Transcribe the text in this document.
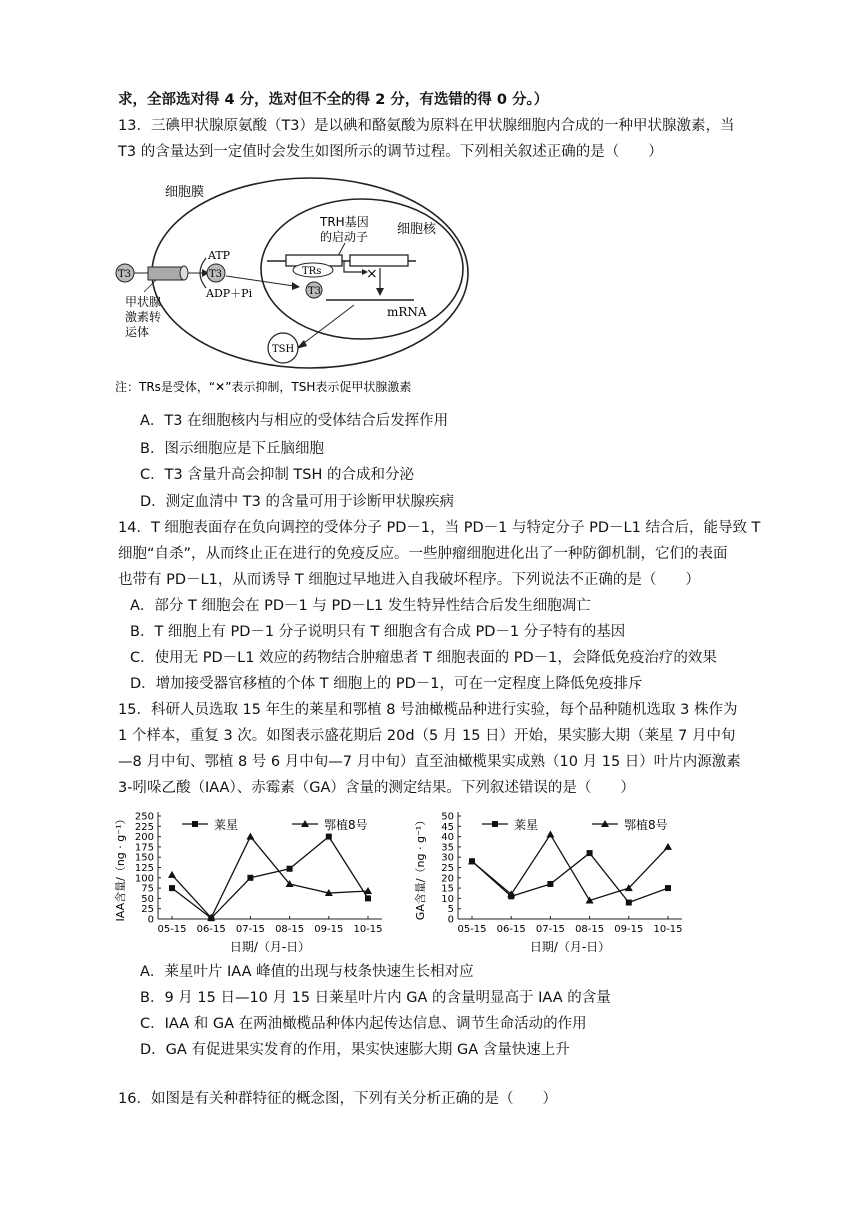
求，全部选对得 4 分，选对但不全的得 2 分，有选错的得 0 分。）
13．三碘甲状腺原氨酸（T3）是以碘和酪氨酸为原料在甲状腺细胞内合成的一种甲状腺激素，当
T3 的含量达到一定值时会发生如图所示的调节过程。下列相关叙述正确的是（　　）
细胞膜
TRH基因
的启动子 细胞核
×
mRNA
TRs
T3
T3	T3
ATP
ADP＋Pi
TSH
甲状腺
激素转
运体
注：TRs是受体，“✕”表示抑制，TSH表示促甲状腺激素
A．T3 在细胞核内与相应的受体结合后发挥作用
B．图示细胞应是下丘脑细胞
C．T3 含量升高会抑制 TSH 的合成和分泌
D．测定血清中 T3 的含量可用于诊断甲状腺疾病
14．T 细胞表面存在负向调控的受体分子 PD－1，当 PD－1 与特定分子 PD－L1 结合后，能导致 T
细胞“自杀”，从而终止正在进行的免疫反应。一些肿瘤细胞进化出了一种防御机制，它们的表面
也带有 PD－L1，从而诱导 T 细胞过早地进入自我破坏程序。下列说法不正确的是（　　）
A．部分 T 细胞会在 PD－1 与 PD－L1 发生特异性结合后发生细胞凋亡
B．T 细胞上有 PD－1 分子说明只有 T 细胞含有合成 PD－1 分子特有的基因
C．使用无 PD－L1 效应的药物结合肿瘤患者 T 细胞表面的 PD－1，会降低免疫治疗的效果
D．增加接受器官移植的个体 T 细胞上的 PD－1，可在一定程度上降低免疫排斥
15．科研人员选取 15 年生的莱星和鄂植 8 号油橄榄品种进行实验，每个品种随机选取 3 株作为
1 个样本，重复 3 次。如图表示盛花期后 20d（5 月 15 日）开始，果实膨大期（莱星 7 月中旬
—8 月中旬、鄂植 8 号 6 月中旬—7 月中旬）直至油橄榄果实成熟（10 月 15 日）叶片内源激素
3-吲哚乙酸（IAA）、赤霉素（GA）含量的测定结果。下列叙述错误的是（　　）
0
25
50
75
100
125
150
175
200
225
250
05-15 06-15 07-15 08-15 09-15 10-15
IAA含量/（ng · g⁻¹）
日期/（月-日）
莱星	鄂植8号
0
5
10
15
20
25
30
35
40
45
50
05-15 06-15 07-15 08-15 09-15 10-15
GA含量/（ng · g⁻¹）
日期/（月-日）
莱星	鄂植8号
A．莱星叶片 IAA 峰值的出现与枝条快速生长相对应
B．9 月 15 日—10 月 15 日莱星叶片内 GA 的含量明显高于 IAA 的含量
C．IAA 和 GA 在两油橄榄品种体内起传达信息、调节生命活动的作用
D．GA 有促进果实发育的作用，果实快速膨大期 GA 含量快速上升
16．如图是有关种群特征的概念图，下列有关分析正确的是（　　）
